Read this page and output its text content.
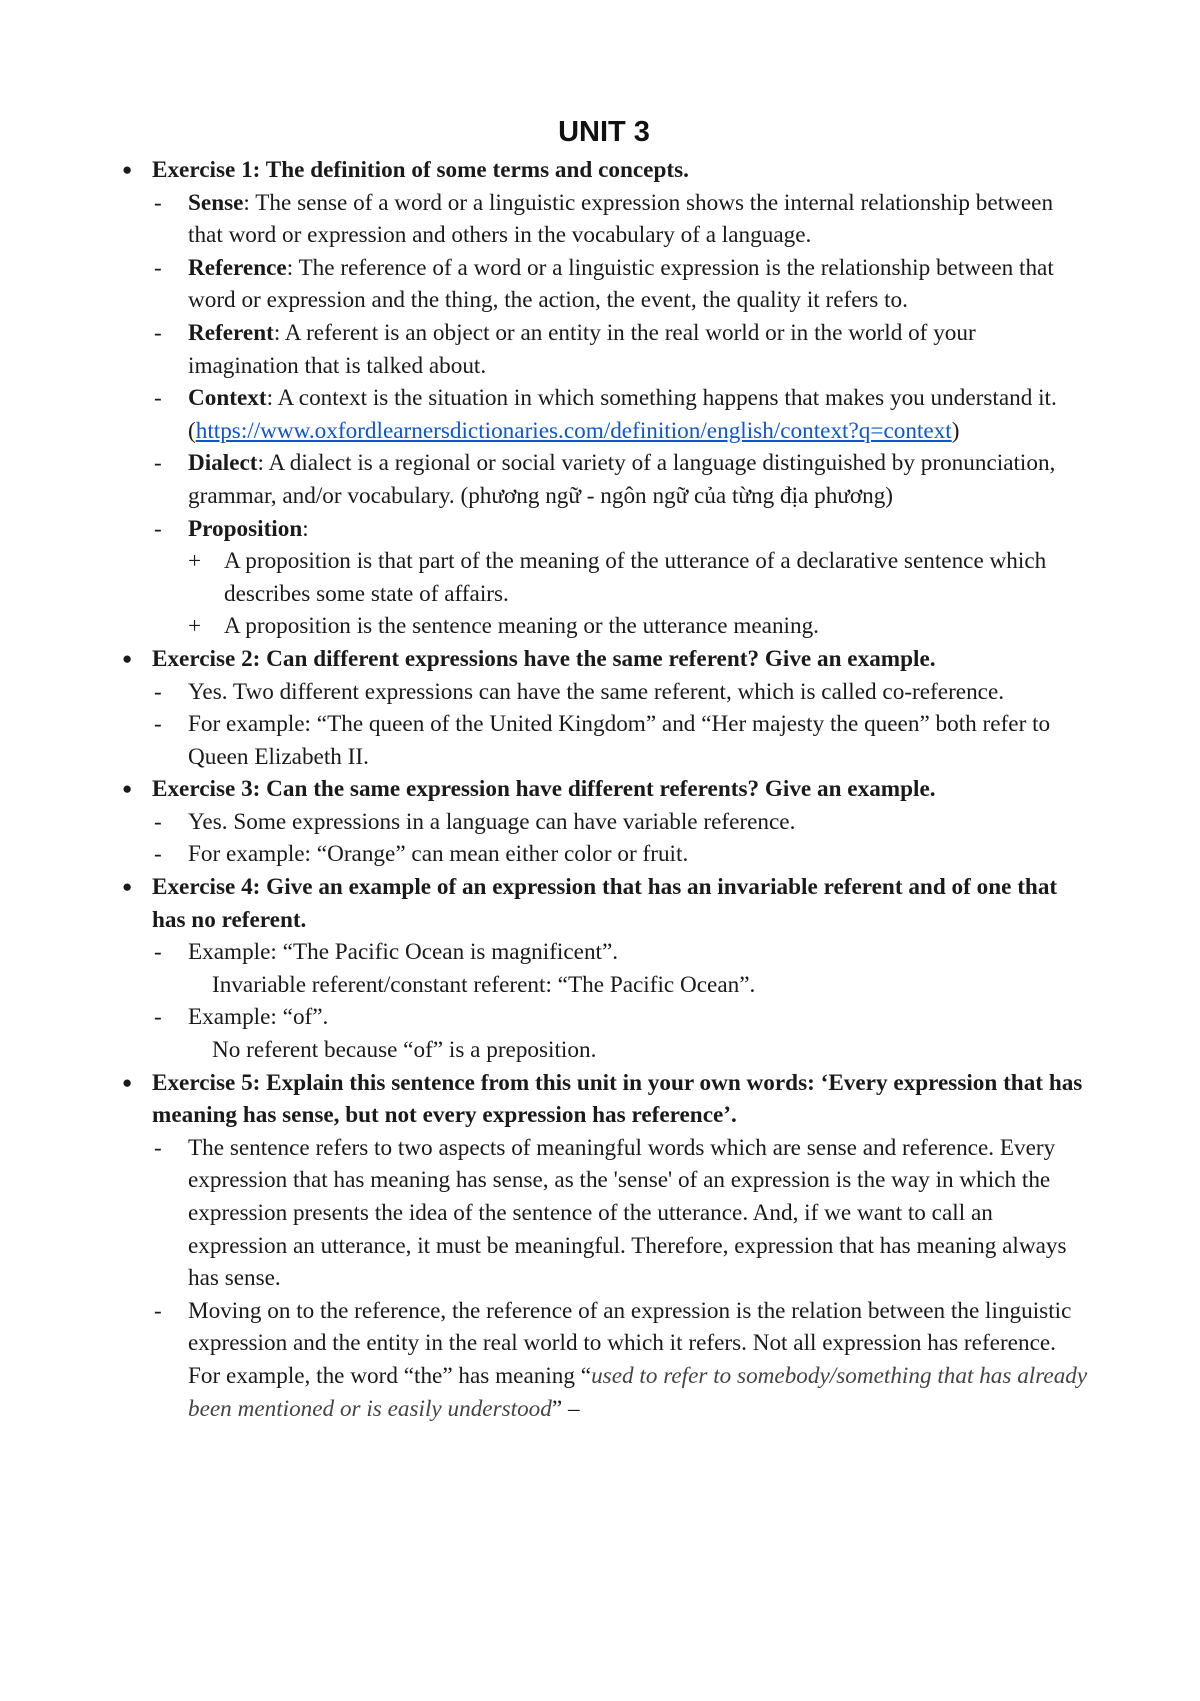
UNIT 3
● Exercise 1: The definition of some terms and concepts.
- Sense: The sense of a word or a linguistic expression shows the internal relationship between that word or expression and others in the vocabulary of a language.
- Reference: The reference of a word or a linguistic expression is the relationship between that word or expression and the thing, the action, the event, the quality it refers to.
- Referent: A referent is an object or an entity in the real world or in the world of your imagination that is talked about.
- Context: A context is the situation in which something happens that makes you understand it.
(https://www.oxfordlearnersdictionaries.com/definition/english/context?q=context)
- Dialect: A dialect is a regional or social variety of a language distinguished by pronunciation, grammar, and/or vocabulary. (phương ngữ - ngôn ngữ của từng địa phương)
- Proposition:
+ A proposition is that part of the meaning of the utterance of a declarative sentence which describes some state of affairs.
+ A proposition is the sentence meaning or the utterance meaning.
● Exercise 2: Can different expressions have the same referent? Give an example.
- Yes. Two different expressions can have the same referent, which is called co-reference.
- For example: “The queen of the United Kingdom” and “Her majesty the queen” both refer to Queen Elizabeth II.
● Exercise 3: Can the same expression have different referents? Give an example.
- Yes. Some expressions in a language can have variable reference.
- For example: “Orange” can mean either color or fruit.
● Exercise 4: Give an example of an expression that has an invariable referent and of one that has no referent.
- Example: “The Pacific Ocean is magnificent”.
Invariable referent/constant referent: “The Pacific Ocean”.
- Example: “of”.
No referent because “of” is a preposition.
● Exercise 5: Explain this sentence from this unit in your own words: ‘Every expression that has meaning has sense, but not every expression has reference’.
- The sentence refers to two aspects of meaningful words which are sense and reference. Every expression that has meaning has sense, as the 'sense' of an expression is the way in which the expression presents the idea of the sentence of the utterance. And, if we want to call an expression an utterance, it must be meaningful. Therefore, expression that has meaning always has sense.
- Moving on to the reference, the reference of an expression is the relation between the linguistic expression and the entity in the real world to which it refers. Not all expression has reference. For example, the word “the” has meaning “used to refer to somebody/something that has already been mentioned or is easily understood” –
